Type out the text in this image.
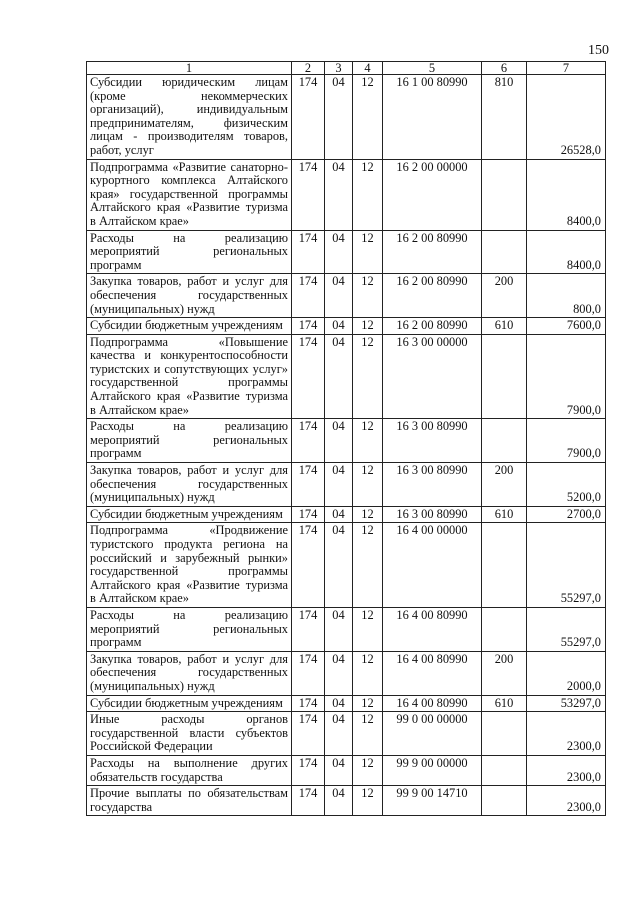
150
1	2	3	4	5	6	7
Субсидии юридическим лицам (кроме некоммерческих организаций), индивидуальным предпринимателям, физическим лицам - производителям товаров, работ, услуг	174	04	12	16 1 00 80990	810	26528,0
Подпрограмма «Развитие санаторно-курортного комплекса Алтайского края» государственной программы Алтайского края «Развитие туризма в Алтайском крае»	174	04	12	16 2 00 00000		8400,0
Расходы на реализацию мероприятий региональных программ	174	04	12	16 2 00 80990		8400,0
Закупка товаров, работ и услуг для обеспечения государственных (муниципальных) нужд	174	04	12	16 2 00 80990	200	800,0
Субсидии бюджетным учреждениям	174	04	12	16 2 00 80990	610	7600,0
Подпрограмма «Повышение качества и конкурентоспособности туристских и сопутствующих услуг» государственной программы Алтайского края «Развитие туризма в Алтайском крае»	174	04	12	16 3 00 00000		7900,0
Расходы на реализацию мероприятий региональных программ	174	04	12	16 3 00 80990		7900,0
Закупка товаров, работ и услуг для обеспечения государственных (муниципальных) нужд	174	04	12	16 3 00 80990	200	5200,0
Субсидии бюджетным учреждениям	174	04	12	16 3 00 80990	610	2700,0
Подпрограмма «Продвижение туристского продукта региона на российский и зарубежный рынки» государственной программы Алтайского края «Развитие туризма в Алтайском крае»	174	04	12	16 4 00 00000		55297,0
Расходы на реализацию мероприятий региональных программ	174	04	12	16 4 00 80990		55297,0
Закупка товаров, работ и услуг для обеспечения государственных (муниципальных) нужд	174	04	12	16 4 00 80990	200	2000,0
Субсидии бюджетным учреждениям	174	04	12	16 4 00 80990	610	53297,0
Иные расходы органов государственной власти субъектов Российской Федерации	174	04	12	99 0 00 00000		2300,0
Расходы на выполнение других обязательств государства	174	04	12	99 9 00 00000		2300,0
Прочие выплаты по обязательствам государства	174	04	12	99 9 00 14710		2300,0
